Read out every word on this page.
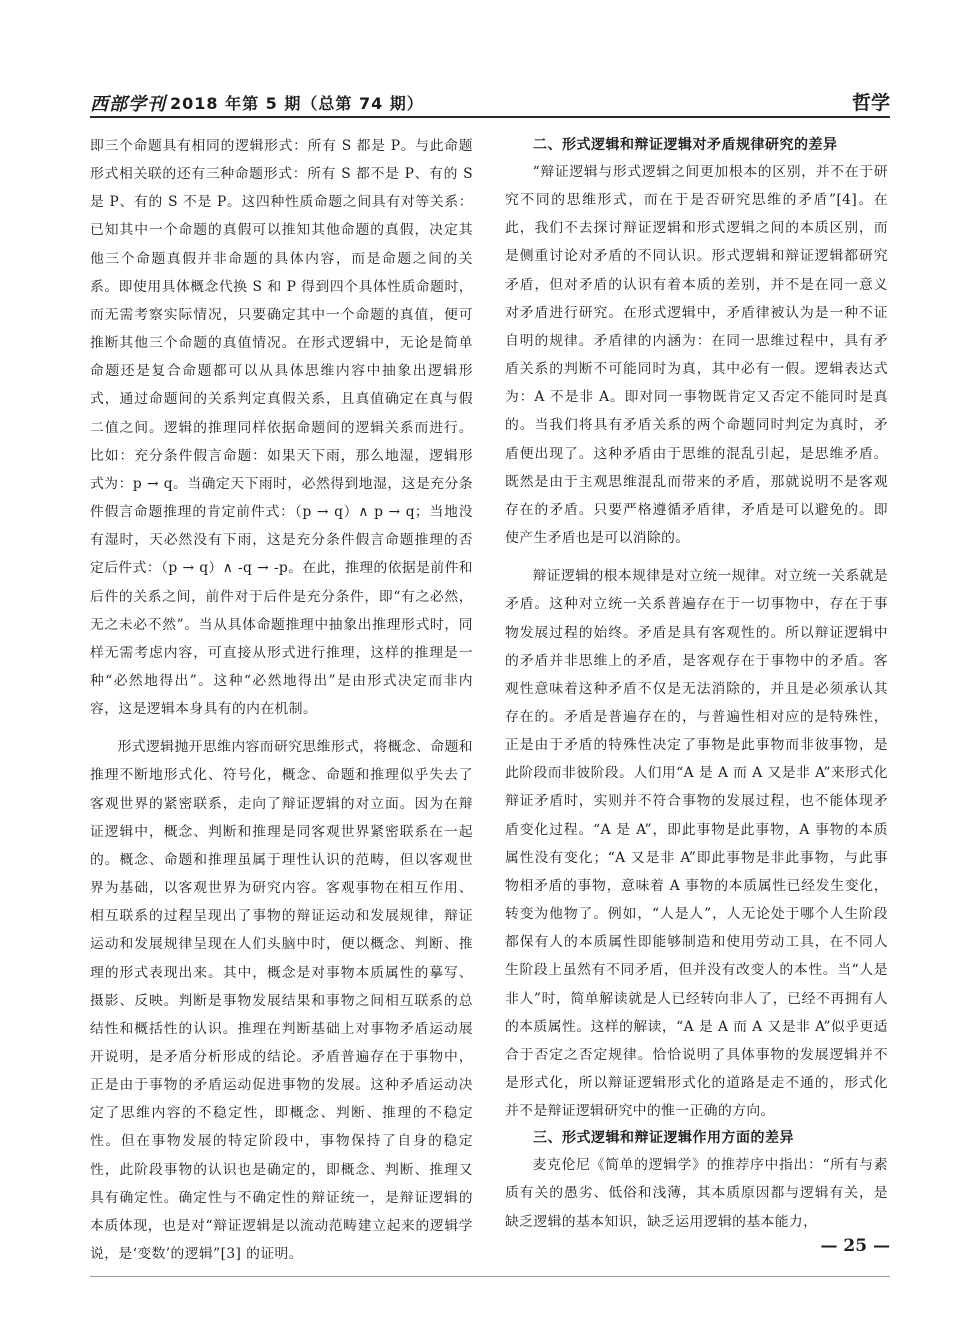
西部学刊 2018 年第 5 期（总第 74 期）	哲学

即三个命题具有相同的逻辑形式：所有 S 都是 P。与此命题形式相关联的还有三种命题形式：所有 S 都不是 P、有的 S 是 P、有的 S 不是 P。这四种性质命题之间具有对等关系：已知其中一个命题的真假可以推知其他命题的真假，决定其他三个命题真假并非命题的具体内容，而是命题之间的关系。即使用具体概念代换 S 和 P 得到四个具体性质命题时，而无需考察实际情况，只要确定其中一个命题的真值，便可推断其他三个命题的真值情况。在形式逻辑中，无论是简单命题还是复合命题都可以从具体思维内容中抽象出逻辑形式，通过命题间的关系判定真假关系，且真值确定在真与假二值之间。逻辑的推理同样依据命题间的逻辑关系而进行。比如：充分条件假言命题：如果天下雨，那么地湿，逻辑形式为：p → q。当确定天下雨时，必然得到地湿，这是充分条件假言命题推理的肯定前件式：（p → q）∧ p → q；当地没有湿时，天必然没有下雨，这是充分条件假言命题推理的否定后件式：（p → q）∧ -q → -p。在此，推理的依据是前件和后件的关系之间，前件对于后件是充分条件，即“有之必然，无之未必不然”。当从具体命题推理中抽象出推理形式时，同样无需考虑内容，可直接从形式进行推理，这样的推理是一种“必然地得出”。这种“必然地得出”是由形式决定而非内容，这是逻辑本身具有的内在机制。

形式逻辑抛开思维内容而研究思维形式，将概念、命题和推理不断地形式化、符号化，概念、命题和推理似乎失去了客观世界的紧密联系，走向了辩证逻辑的对立面。因为在辩证逻辑中，概念、判断和推理是同客观世界紧密联系在一起的。概念、命题和推理虽属于理性认识的范畴，但以客观世界为基础，以客观世界为研究内容。客观事物在相互作用、相互联系的过程呈现出了事物的辩证运动和发展规律，辩证运动和发展规律呈现在人们头脑中时，便以概念、判断、推理的形式表现出来。其中，概念是对事物本质属性的摹写、摄影、反映。判断是事物发展结果和事物之间相互联系的总结性和概括性的认识。推理在判断基础上对事物矛盾运动展开说明，是矛盾分析形成的结论。矛盾普遍存在于事物中，正是由于事物的矛盾运动促进事物的发展。这种矛盾运动决定了思维内容的不稳定性，即概念、判断、推理的不稳定性。但在事物发展的特定阶段中，事物保持了自身的稳定性，此阶段事物的认识也是确定的，即概念、判断、推理又具有确定性。确定性与不确定性的辩证统一，是辩证逻辑的本质体现，也是对“辩证逻辑是以流动范畴建立起来的逻辑学说，是‘变数’的逻辑”[3] 的证明。

二、形式逻辑和辩证逻辑对矛盾规律研究的差异

“辩证逻辑与形式逻辑之间更加根本的区别，并不在于研究不同的思维形式，而在于是否研究思维的矛盾”[4]。在此，我们不去探讨辩证逻辑和形式逻辑之间的本质区别，而是侧重讨论对矛盾的不同认识。形式逻辑和辩证逻辑都研究矛盾，但对矛盾的认识有着本质的差别，并不是在同一意义对矛盾进行研究。在形式逻辑中，矛盾律被认为是一种不证自明的规律。矛盾律的内涵为：在同一思维过程中，具有矛盾关系的判断不可能同时为真，其中必有一假。逻辑表达式为：A 不是非 A。即对同一事物既肯定又否定不能同时是真的。当我们将具有矛盾关系的两个命题同时判定为真时，矛盾便出现了。这种矛盾由于思维的混乱引起，是思维矛盾。既然是由于主观思维混乱而带来的矛盾，那就说明不是客观存在的矛盾。只要严格遵循矛盾律，矛盾是可以避免的。即使产生矛盾也是可以消除的。

辩证逻辑的根本规律是对立统一规律。对立统一关系就是矛盾。这种对立统一关系普遍存在于一切事物中，存在于事物发展过程的始终。矛盾是具有客观性的。所以辩证逻辑中的矛盾并非思维上的矛盾，是客观存在于事物中的矛盾。客观性意味着这种矛盾不仅是无法消除的，并且是必须承认其存在的。矛盾是普遍存在的，与普遍性相对应的是特殊性，正是由于矛盾的特殊性决定了事物是此事物而非彼事物，是此阶段而非彼阶段。人们用“A 是 A 而 A 又是非 A”来形式化辩证矛盾时，实则并不符合事物的发展过程，也不能体现矛盾变化过程。“A 是 A”，即此事物是此事物，A 事物的本质属性没有变化；“A 又是非 A”即此事物是非此事物，与此事物相矛盾的事物，意味着 A 事物的本质属性已经发生变化，转变为他物了。例如，“人是人”，人无论处于哪个人生阶段都保有人的本质属性即能够制造和使用劳动工具，在不同人生阶段上虽然有不同矛盾，但并没有改变人的本性。当“人是非人”时，简单解读就是人已经转向非人了，已经不再拥有人的本质属性。这样的解读，“A 是 A 而 A 又是非 A”似乎更适合于否定之否定规律。恰恰说明了具体事物的发展逻辑并不是形式化，所以辩证逻辑形式化的道路是走不通的，形式化并不是辩证逻辑研究中的惟一正确的方向。

三、形式逻辑和辩证逻辑作用方面的差异

麦克伦尼《简单的逻辑学》的推荐序中指出：“所有与素质有关的愚劣、低俗和浅薄，其本质原因都与逻辑有关，是缺乏逻辑的基本知识，缺乏运用逻辑的基本能力，

— 25 —
